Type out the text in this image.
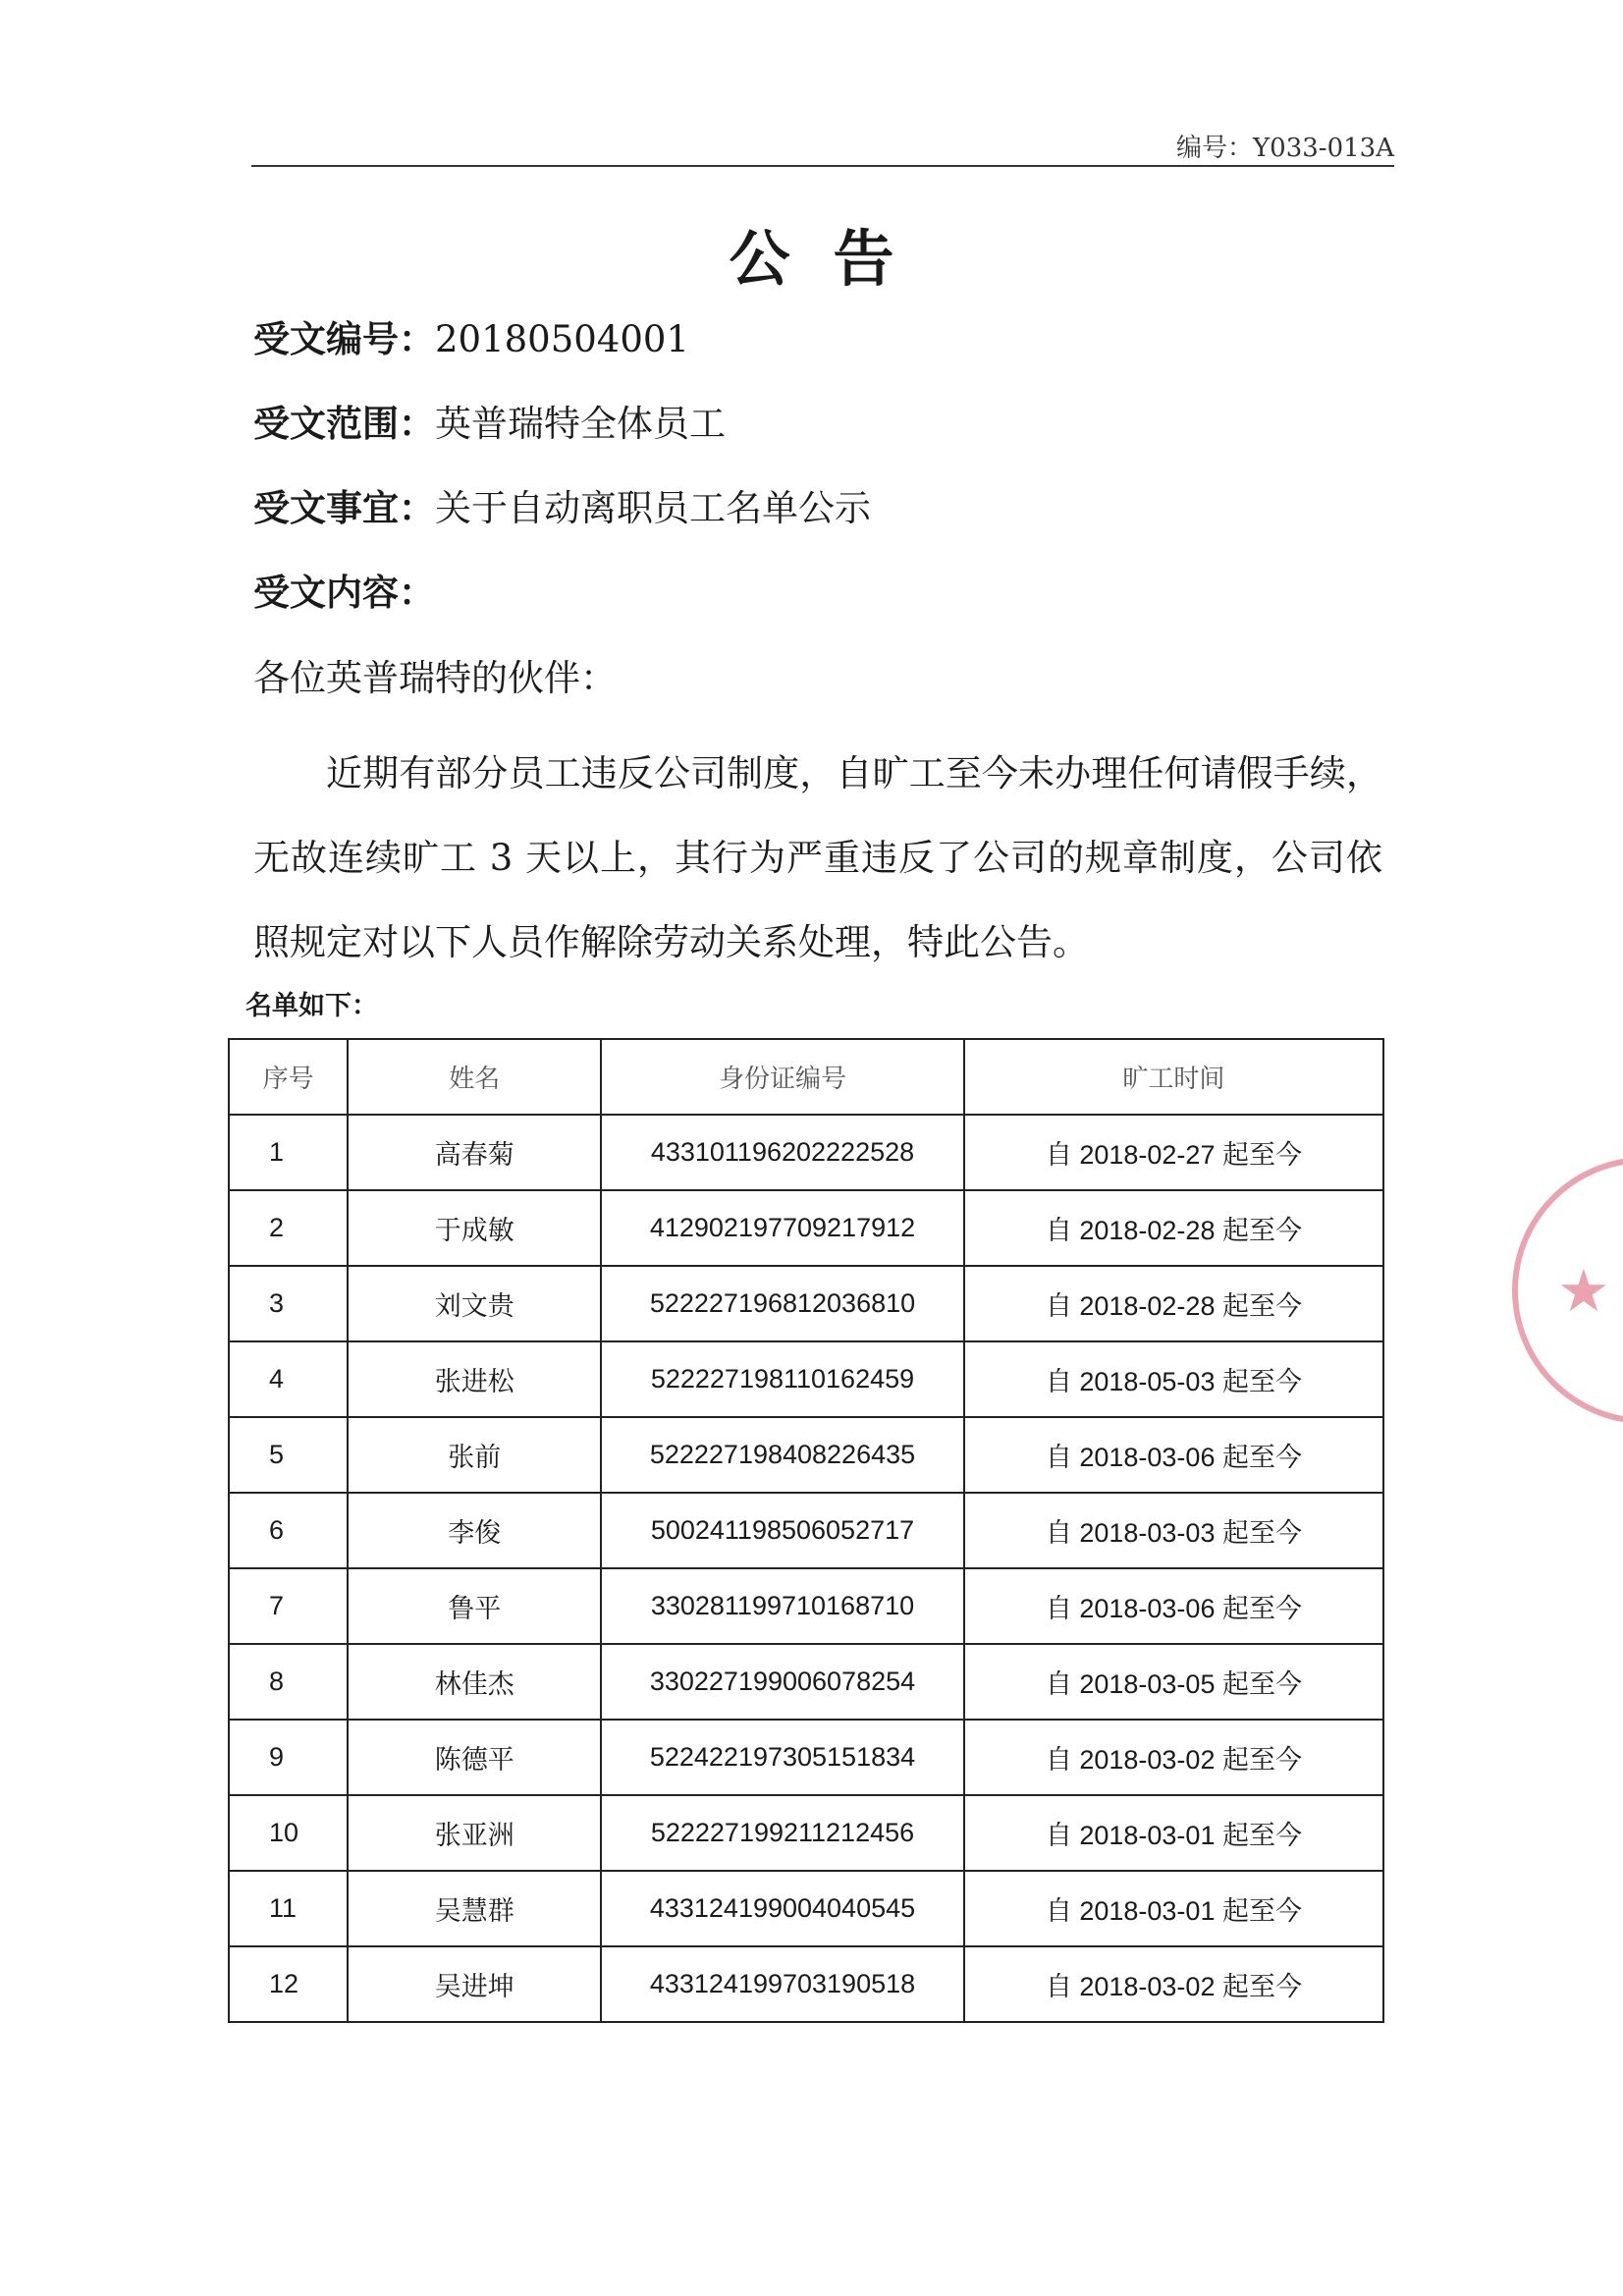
编号：Y033-013A
公告
受文编号：20180504001
受文范围：英普瑞特全体员工
受文事宜：关于自动离职员工名单公示
受文内容：
各位英普瑞特的伙伴：
近期有部分员工违反公司制度，自旷工至今未办理任何请假手续，无故连续旷工 3 天以上，其行为严重违反了公司的规章制度，公司依照规定对以下人员作解除劳动关系处理，特此公告。
名单如下：
序号	姓名	身份证编号	旷工时间
1	高春菊	433101196202222528	自 2018-02-27 起至今
2	于成敏	412902197709217912	自 2018-02-28 起至今
3	刘文贵	522227196812036810	自 2018-02-28 起至今
4	张进松	522227198110162459	自 2018-05-03 起至今
5	张前	522227198408226435	自 2018-03-06 起至今
6	李俊	500241198506052717	自 2018-03-03 起至今
7	鲁平	330281199710168710	自 2018-03-06 起至今
8	林佳杰	330227199006078254	自 2018-03-05 起至今
9	陈德平	522422197305151834	自 2018-03-02 起至今
10	张亚洲	522227199211212456	自 2018-03-01 起至今
11	吴慧群	433124199004040545	自 2018-03-01 起至今
12	吴进坤	433124199703190518	自 2018-03-02 起至今
★
